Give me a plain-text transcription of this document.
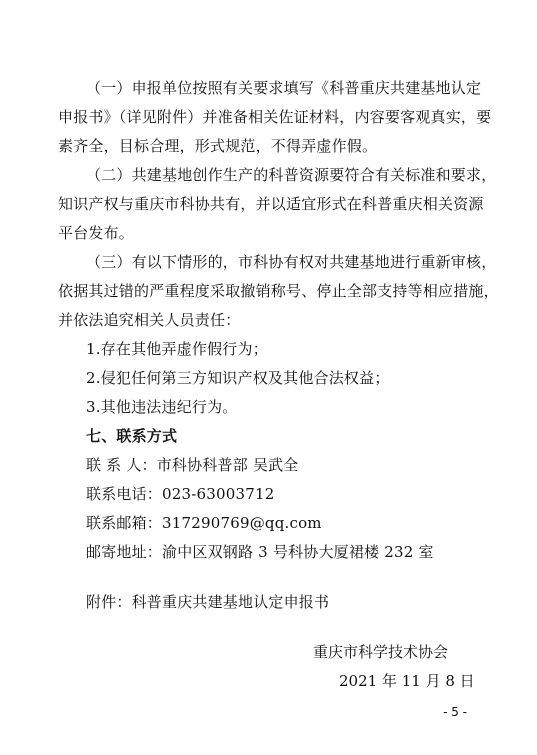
（一）申报单位按照有关要求填写《科普重庆共建基地认定
申报书》（详见附件）并准备相关佐证材料，内容要客观真实，要
素齐全，目标合理，形式规范，不得弄虚作假。
（二）共建基地创作生产的科普资源要符合有关标准和要求，
知识产权与重庆市科协共有，并以适宜形式在科普重庆相关资源
平台发布。
（三）有以下情形的，市科协有权对共建基地进行重新审核，
依据其过错的严重程度采取撤销称号、停止全部支持等相应措施，
并依法追究相关人员责任：
1.存在其他弄虚作假行为；
2.侵犯任何第三方知识产权及其他合法权益；
3.其他违法违纪行为。
七、联系方式
联 系 人：市科协科普部 吴武全
联系电话：023-63003712
联系邮箱：317290769@qq.com
邮寄地址：渝中区双钢路 3 号科协大厦裙楼 232 室
附件：科普重庆共建基地认定申报书
重庆市科学技术协会
2021 年 11 月 8 日
- 5 -
